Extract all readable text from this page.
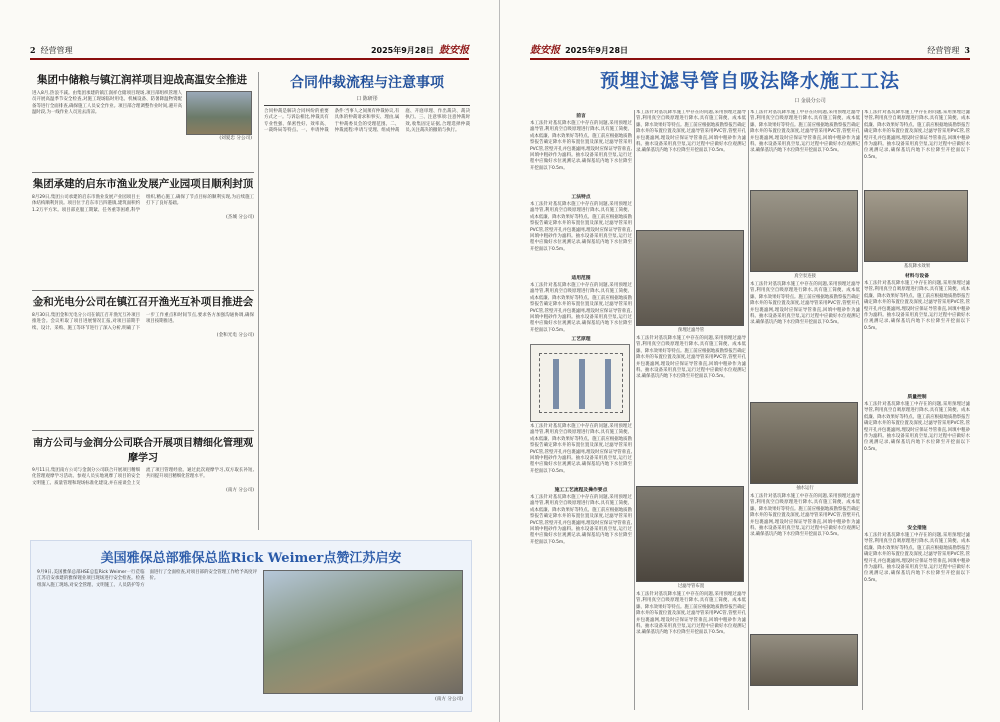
2 经营管理	2025年9月28日 鼓安报
集团中储粮与镇江润祥项目迎战高温安全推进
进入8月,热浪不减。由集团承建的镇江润祥仓储项目现场,项目部组织管理人员开展高温季节安全检查,对施工现场临时用电、机械设备、防暑降温物资配备等进行全面排查,确保施工人员安全作业。项目部合理调整作业时间,避开高温时段,为一线作业人员送去清凉。
(刘爱忠 分公司)
集团承建的启东市渔业发展产业园项目顺利封顶
8月29日,集团公司承建的启东市渔业发展产业园项目主体结构顺利封顶。项目位于启东市吕四港镇,建筑面积约1.2万平方米。项目部克服工期紧、任务重等困难,科学组织,精心施工,确保了节点目标的顺利实现,为后续施工打下了良好基础。
(杰城 分公司)
金和光电分公司在镇江召开渔光互补项目推进会
8月30日,集团金和光电分公司在镇江召开渔光互补项目推进会。会议听取了项目进展情况汇报,对项目前期手续、设计、采购、施工等环节进行了深入分析,明确了下一步工作重点和时间节点,要求各方加强沟通协调,确保项目按期推进。
(金和光电 分公司)
南方公司与金润分公司联合开展项目精细化管理观摩学习
9月11日,集团南方公司与金润分公司联合开展项目精细化管理观摩学习活动。参观人员实地观摩了项目的安全文明施工、质量管理和现场标准化建设,并在座谈会上交流了项目管理经验。通过此次观摩学习,双方取长补短,共同提升项目精细化管理水平。
(南方 分公司)
合同仲裁流程与注意事项
口 陈研彤
合同仲裁是解决合同纠纷的重要方式之一。与诉讼相比,仲裁具有专业性强、保密性好、效率高、一裁终局等特点。一、申请仲裁条件:当事人之间须有仲裁协议,有具体的仲裁请求和事实、理由,属于仲裁委员会的受理范围。二、仲裁流程:申请与受理、组成仲裁庭、开庭审理、作出裁决、裁决执行。三、注意事项:注意仲裁时效,收集固定证据,合理选择仲裁员,关注裁决的撤销与执行。
美国雅保总部雅保总监Rick Weimer点赞江苏启安
9月9日,美国雅保总部HSE总监Rick Weimer一行莅临江苏启安承建的雅保锂业项目现场进行安全检查。检查组深入施工现场,对安全管理、文明施工、人员防护等方面进行了全面检查,对项目部的安全管理工作给予高度评价。
(南方 分公司)
鼓安报 2025年9月28日	经营管理 3
预埋过滤导管自吸法降水施工工法
口 金晨分公司
前言
本工法针对基坑降水施工中存在的问题,采用预埋过滤导管,利用真空自吸原理进行降水,具有施工简便、成本低廉、降水效果好等特点。施工前应根据地质勘察报告确定降水井的布置位置及深度,过滤导管采用PVC管,管壁开孔并包裹滤网,埋设时应保证导管垂直,回填中粗砂作为滤料。抽水设备采用真空泵,运行过程中应做好水位观测记录,确保基坑内地下水位降至开挖面以下0.5m。
工法特点
本工法针对基坑降水施工中存在的问题,采用预埋过滤导管,利用真空自吸原理进行降水,具有施工简便、成本低廉、降水效果好等特点。施工前应根据地质勘察报告确定降水井的布置位置及深度,过滤导管采用PVC管,管壁开孔并包裹滤网,埋设时应保证导管垂直,回填中粗砂作为滤料。抽水设备采用真空泵,运行过程中应做好水位观测记录,确保基坑内地下水位降至开挖面以下0.5m。
适用范围
本工法针对基坑降水施工中存在的问题,采用预埋过滤导管,利用真空自吸原理进行降水,具有施工简便、成本低廉、降水效果好等特点。施工前应根据地质勘察报告确定降水井的布置位置及深度,过滤导管采用PVC管,管壁开孔并包裹滤网,埋设时应保证导管垂直,回填中粗砂作为滤料。抽水设备采用真空泵,运行过程中应做好水位观测记录,确保基坑内地下水位降至开挖面以下0.5m。
工艺原理
本工法针对基坑降水施工中存在的问题,采用预埋过滤导管,利用真空自吸原理进行降水,具有施工简便、成本低廉、降水效果好等特点。施工前应根据地质勘察报告确定降水井的布置位置及深度,过滤导管采用PVC管,管壁开孔并包裹滤网,埋设时应保证导管垂直,回填中粗砂作为滤料。抽水设备采用真空泵,运行过程中应做好水位观测记录,确保基坑内地下水位降至开挖面以下0.5m。
施工工艺流程及操作要点
本工法针对基坑降水施工中存在的问题,采用预埋过滤导管,利用真空自吸原理进行降水,具有施工简便、成本低廉、降水效果好等特点。施工前应根据地质勘察报告确定降水井的布置位置及深度,过滤导管采用PVC管,管壁开孔并包裹滤网,埋设时应保证导管垂直,回填中粗砂作为滤料。抽水设备采用真空泵,运行过程中应做好水位观测记录,确保基坑内地下水位降至开挖面以下0.5m。
本工法针对基坑降水施工中存在的问题,采用预埋过滤导管,利用真空自吸原理进行降水,具有施工简便、成本低廉、降水效果好等特点。施工前应根据地质勘察报告确定降水井的布置位置及深度,过滤导管采用PVC管,管壁开孔并包裹滤网,埋设时应保证导管垂直,回填中粗砂作为滤料。抽水设备采用真空泵,运行过程中应做好水位观测记录,确保基坑内地下水位降至开挖面以下0.5m。
预埋过滤导管
本工法针对基坑降水施工中存在的问题,采用预埋过滤导管,利用真空自吸原理进行降水,具有施工简便、成本低廉、降水效果好等特点。施工前应根据地质勘察报告确定降水井的布置位置及深度,过滤导管采用PVC管,管壁开孔并包裹滤网,埋设时应保证导管垂直,回填中粗砂作为滤料。抽水设备采用真空泵,运行过程中应做好水位观测记录,确保基坑内地下水位降至开挖面以下0.5m。
过滤导管布置
本工法针对基坑降水施工中存在的问题,采用预埋过滤导管,利用真空自吸原理进行降水,具有施工简便、成本低廉、降水效果好等特点。施工前应根据地质勘察报告确定降水井的布置位置及深度,过滤导管采用PVC管,管壁开孔并包裹滤网,埋设时应保证导管垂直,回填中粗砂作为滤料。抽水设备采用真空泵,运行过程中应做好水位观测记录,确保基坑内地下水位降至开挖面以下0.5m。
本工法针对基坑降水施工中存在的问题,采用预埋过滤导管,利用真空自吸原理进行降水,具有施工简便、成本低廉、降水效果好等特点。施工前应根据地质勘察报告确定降水井的布置位置及深度,过滤导管采用PVC管,管壁开孔并包裹滤网,埋设时应保证导管垂直,回填中粗砂作为滤料。抽水设备采用真空泵,运行过程中应做好水位观测记录,确保基坑内地下水位降至开挖面以下0.5m。
真空泵连接
本工法针对基坑降水施工中存在的问题,采用预埋过滤导管,利用真空自吸原理进行降水,具有施工简便、成本低廉、降水效果好等特点。施工前应根据地质勘察报告确定降水井的布置位置及深度,过滤导管采用PVC管,管壁开孔并包裹滤网,埋设时应保证导管垂直,回填中粗砂作为滤料。抽水设备采用真空泵,运行过程中应做好水位观测记录,确保基坑内地下水位降至开挖面以下0.5m。
抽水运行
本工法针对基坑降水施工中存在的问题,采用预埋过滤导管,利用真空自吸原理进行降水,具有施工简便、成本低廉、降水效果好等特点。施工前应根据地质勘察报告确定降水井的布置位置及深度,过滤导管采用PVC管,管壁开孔并包裹滤网,埋设时应保证导管垂直,回填中粗砂作为滤料。抽水设备采用真空泵,运行过程中应做好水位观测记录,确保基坑内地下水位降至开挖面以下0.5m。
本工法针对基坑降水施工中存在的问题,采用预埋过滤导管,利用真空自吸原理进行降水,具有施工简便、成本低廉、降水效果好等特点。施工前应根据地质勘察报告确定降水井的布置位置及深度,过滤导管采用PVC管,管壁开孔并包裹滤网,埋设时应保证导管垂直,回填中粗砂作为滤料。抽水设备采用真空泵,运行过程中应做好水位观测记录,确保基坑内地下水位降至开挖面以下0.5m。
基坑降水效果
材料与设备
本工法针对基坑降水施工中存在的问题,采用预埋过滤导管,利用真空自吸原理进行降水,具有施工简便、成本低廉、降水效果好等特点。施工前应根据地质勘察报告确定降水井的布置位置及深度,过滤导管采用PVC管,管壁开孔并包裹滤网,埋设时应保证导管垂直,回填中粗砂作为滤料。抽水设备采用真空泵,运行过程中应做好水位观测记录,确保基坑内地下水位降至开挖面以下0.5m。
质量控制
本工法针对基坑降水施工中存在的问题,采用预埋过滤导管,利用真空自吸原理进行降水,具有施工简便、成本低廉、降水效果好等特点。施工前应根据地质勘察报告确定降水井的布置位置及深度,过滤导管采用PVC管,管壁开孔并包裹滤网,埋设时应保证导管垂直,回填中粗砂作为滤料。抽水设备采用真空泵,运行过程中应做好水位观测记录,确保基坑内地下水位降至开挖面以下0.5m。
安全措施
本工法针对基坑降水施工中存在的问题,采用预埋过滤导管,利用真空自吸原理进行降水,具有施工简便、成本低廉、降水效果好等特点。施工前应根据地质勘察报告确定降水井的布置位置及深度,过滤导管采用PVC管,管壁开孔并包裹滤网,埋设时应保证导管垂直,回填中粗砂作为滤料。抽水设备采用真空泵,运行过程中应做好水位观测记录,确保基坑内地下水位降至开挖面以下0.5m。
